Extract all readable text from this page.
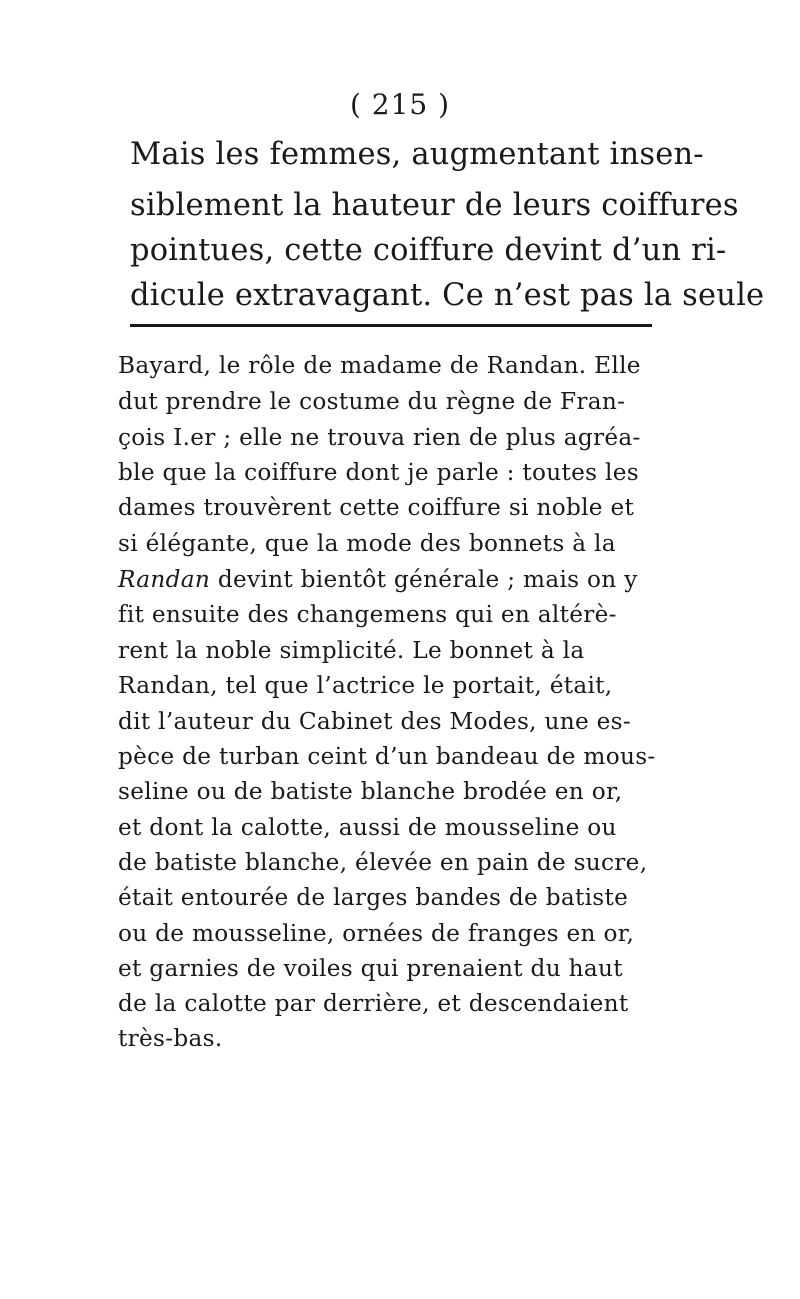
( 215 )
Mais les femmes, augmentant insen-
siblement la hauteur de leurs coiffures
pointues, cette coiffure devint d’un ri-
dicule extravagant. Ce n’est pas la seule
Bayard, le rôle de madame de Randan. Elle
dut prendre le costume du règne de Fran-
çois I.er ; elle ne trouva rien de plus agréa-
ble que la coiffure dont je parle : toutes les
dames trouvèrent cette coiffure si noble et
si élégante, que la mode des bonnets à la
Randan devint bientôt générale ; mais on y
fit ensuite des changemens qui en altérè-
rent la noble simplicité. Le bonnet à la
Randan, tel que l’actrice le portait, était,
dit l’auteur du Cabinet des Modes, une es-
pèce de turban ceint d’un bandeau de mous-
seline ou de batiste blanche brodée en or,
et dont la calotte, aussi de mousseline ou
de batiste blanche, élevée en pain de sucre,
était entourée de larges bandes de batiste
ou de mousseline, ornées de franges en or,
et garnies de voiles qui prenaient du haut
de la calotte par derrière, et descendaient
très-bas.
